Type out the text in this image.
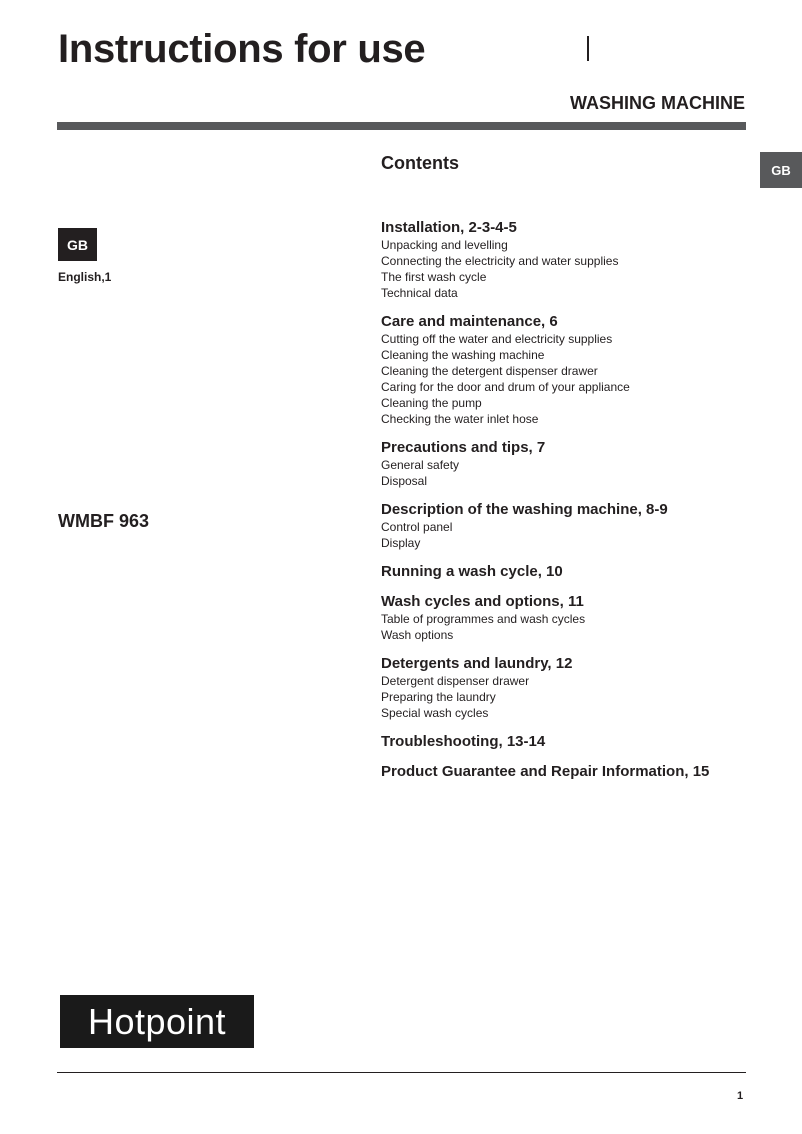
Instructions for use
WASHING MACHINE
GB
Contents
GB
English,1
WMBF 963
Installation, 2-3-4-5
Unpacking and levelling
Connecting the electricity and water supplies
The first wash cycle
Technical data
Care and maintenance, 6
Cutting off the water and electricity supplies
Cleaning the washing machine
Cleaning the detergent dispenser drawer
Caring for the door and drum of your appliance
Cleaning the pump
Checking the water inlet hose
Precautions and tips, 7
General safety
Disposal
Description of the washing machine, 8-9
Control panel
Display
Running a wash cycle, 10
Wash cycles and options, 11
Table of programmes and wash cycles
Wash options
Detergents and laundry, 12
Detergent dispenser drawer
Preparing the laundry
Special wash cycles
Troubleshooting, 13-14
Product Guarantee and Repair Information, 15
Hotpoint
1
